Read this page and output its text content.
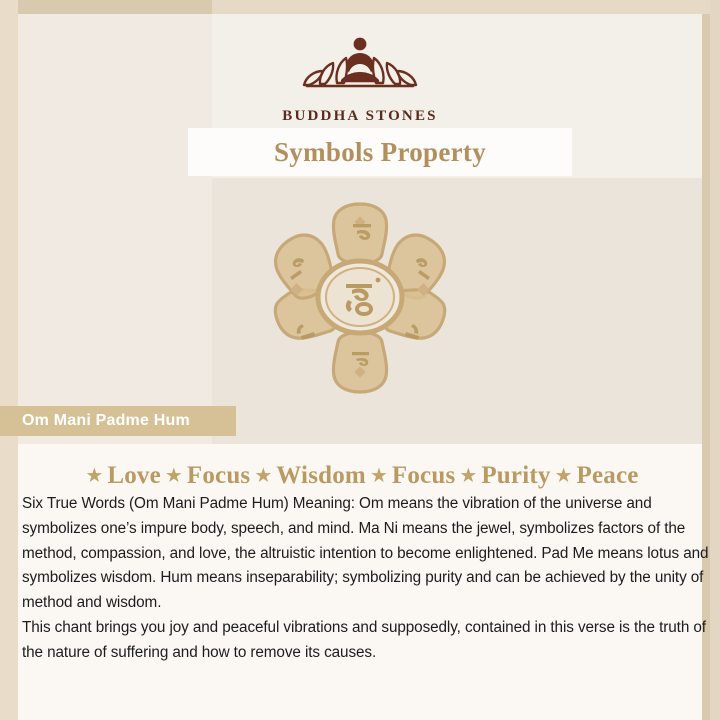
BUDDHA STONES
Symbols Property
Om Mani Padme Hum
★ Love ★ Focus ★ Wisdom ★ Focus ★ Purity ★ Peace

Six True Words (Om Mani Padme Hum) Meaning: Om means the vibration of the universe and symbolizes one’s impure body, speech, and mind. Ma Ni means the jewel, symbolizes factors of the method, compassion, and love, the altruistic intention to become enlightened. Pad Me means lotus and symbolizes wisdom. Hum means inseparability; symbolizing purity and can be achieved by the unity of method and wisdom.

This chant brings you joy and peaceful vibrations and supposedly, contained in this verse is the truth of the nature of suffering and how to remove its causes.
